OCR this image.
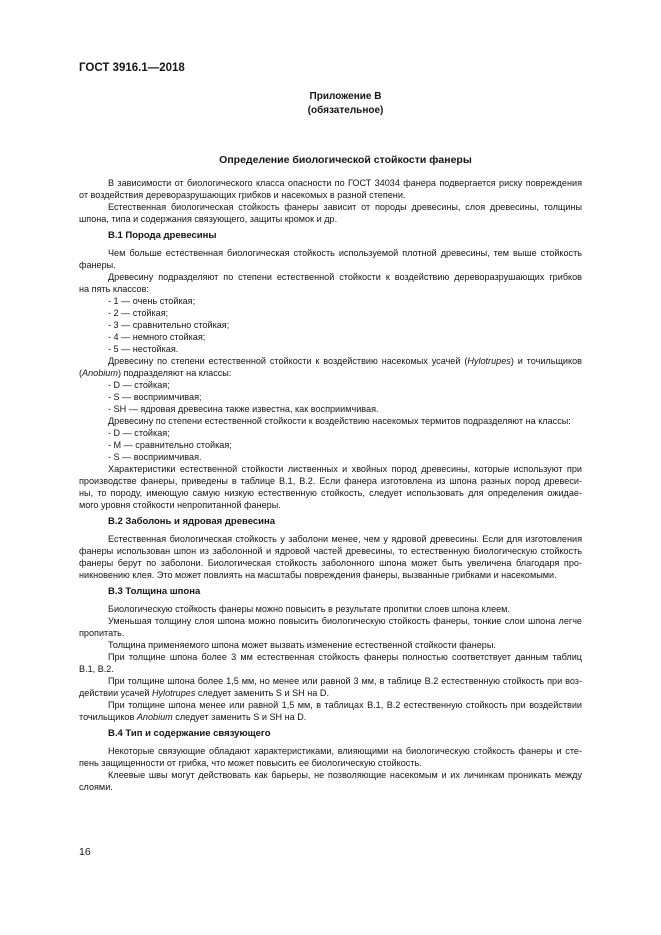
ГОСТ 3916.1—2018
Приложение В
(обязательное)
Определение биологической стойкости фанеры
В зависимости от биологического класса опасности по ГОСТ 34034 фанера подвергается риску повреждения
от воздействия дереворазрушающих грибков и насекомых в разной степени.
Естественная биологическая стойкость фанеры зависит от породы древесины, слоя древесины, толщины
шпона, типа и содержания связующего, защиты кромок и др.
В.1 Порода древесины
Чем больше естественная биологическая стойкость используемой плотной древесины, тем выше стойкость
фанеры.
Древесину подразделяют по степени естественной стойкости к воздействию дереворазрушающих грибков
на пять классов:
- 1 — очень стойкая;
- 2 — стойкая;
- 3 — сравнительно стойкая;
- 4 — немного стойкая;
- 5 — нестойкая.
Древесину по степени естественной стойкости к воздействию насекомых усачей (Hylotrupes) и точильщиков
(Anobium) подразделяют на классы:
- D — стойкая;
- S — восприимчивая;
- SH — ядровая древесина также известна, как восприимчивая.
Древесину по степени естественной стойкости к воздействию насекомых термитов подразделяют на классы:
- D — стойкая;
- M — сравнительно стойкая;
- S — восприимчивая.
Характеристики естественной стойкости лиственных и хвойных пород древесины, которые используют при
производстве фанеры, приведены в таблице В.1, В.2. Если фанера изготовлена из шпона разных пород древеси-
ны, то породу, имеющую самую низкую естественную стойкость, следует использовать для определения ожидае-
мого уровня стойкости непропитанной фанеры.
В.2 Заболонь и ядровая древесина
Естественная биологическая стойкость у заболони менее, чем у ядровой древесины. Если для изготовления
фанеры использован шпон из заболонной и ядровой частей древесины, то естественную биологическую стойкость
фанеры берут по заболони. Биологическая стойкость заболонного шпона может быть увеличена благодаря про-
никновению клея. Это может повлиять на масштабы повреждения фанеры, вызванные грибками и насекомыми.
В.3 Толщина шпона
Биологическую стойкость фанеры можно повысить в результате пропитки слоев шпона клеем.
Уменьшая толщину слоя шпона можно повысить биологическую стойкость фанеры, тонкие слои шпона легче
пропитать.
Толщина применяемого шпона может вызвать изменение естественной стойкости фанеры.
При толщине шпона более 3 мм естественная стойкость фанеры полностью соответствует данным таблиц
В.1, В.2.
При толщине шпона более 1,5 мм, но менее или равной 3 мм, в таблице В.2 естественную стойкость при воз-
действии усачей Hylotrupes следует заменить S и SH на D.
При толщине шпона менее или равной 1,5 мм, в таблицах В.1, В.2 естественную стойкость при воздействии
точильщиков Anobium следует заменить S и SH на D.
В.4 Тип и содержание связующего
Некоторые связующие обладают характеристиками, влияющими на биологическую стойкость фанеры и сте-
пень защищенности от грибка, что может повысить ее биологическую стойкость.
Клеевые швы могут действовать как барьеры, не позволяющие насекомым и их личинкам проникать между
слоями.
16
